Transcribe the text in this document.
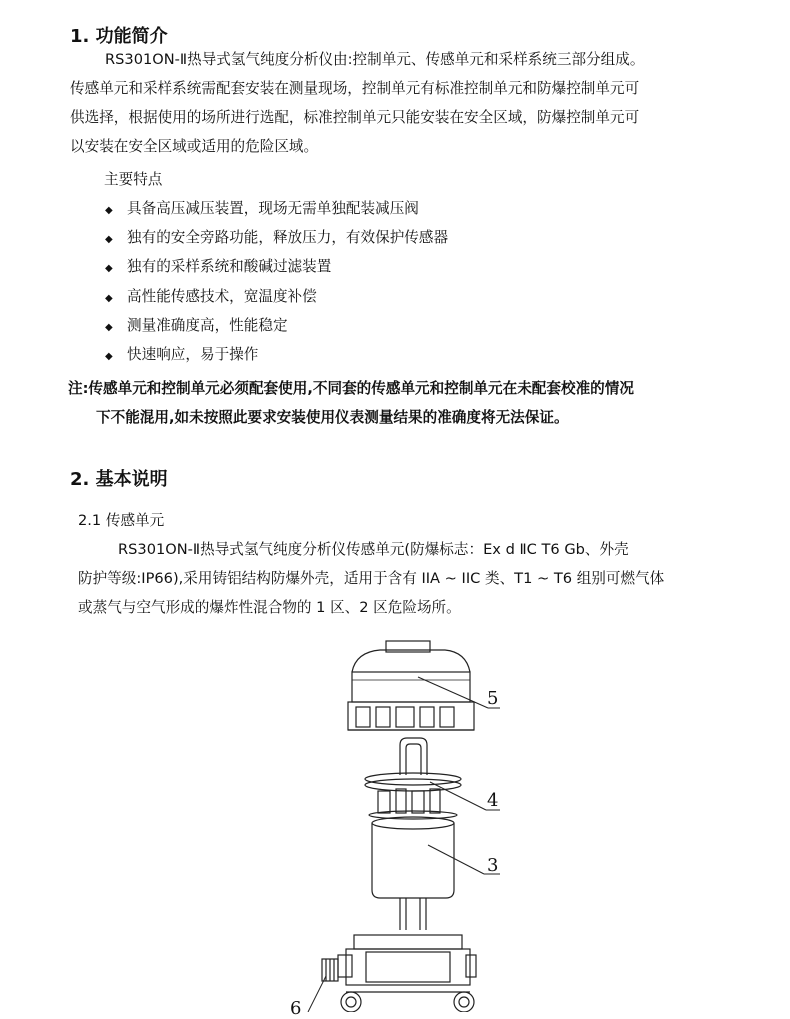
1. 功能简介
RS301ON-Ⅱ热导式氢气纯度分析仪由:控制单元、传感单元和采样系统三部分组成。
传感单元和采样系统需配套安装在测量现场，控制单元有标准控制单元和防爆控制单元可
供选择，根据使用的场所进行选配，标准控制单元只能安装在安全区域，防爆控制单元可
以安装在安全区域或适用的危险区域。
主要特点
◆ 具备高压减压装置，现场无需单独配装减压阀
◆ 独有的安全旁路功能，释放压力，有效保护传感器
◆ 独有的采样系统和酸碱过滤装置
◆ 高性能传感技术，宽温度补偿
◆ 测量准确度高，性能稳定
◆ 快速响应，易于操作
注:传感单元和控制单元必须配套使用,不同套的传感单元和控制单元在未配套校准的情况
下不能混用,如未按照此要求安装使用仪表测量结果的准确度将无法保证。
2. 基本说明
2.1 传感单元
RS301ON-Ⅱ热导式氢气纯度分析仪传感单元(防爆标志：Ex d ⅡC T6 Gb、外壳
防护等级:IP66),采用铸铝结构防爆外壳，适用于含有 IIA ~ IIC 类、T1 ~ T6 组别可燃气体
或蒸气与空气形成的爆炸性混合物的 1 区、2 区危险场所。
5
4
3
6
